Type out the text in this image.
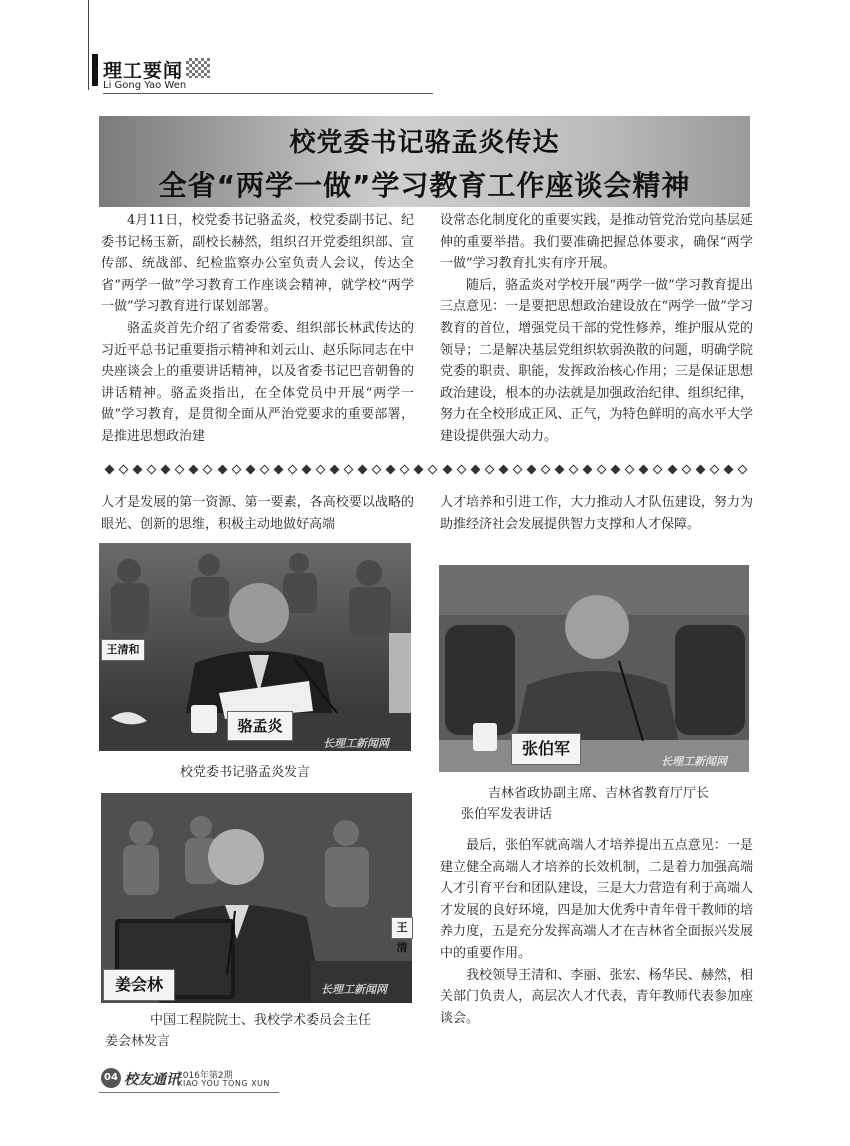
理工要闻
Li Gong Yao Wen
校党委书记骆孟炎传达
全省“两学一做”学习教育工作座谈会精神

4月11日，校党委书记骆孟炎，校党委副书记、纪委书记杨玉新，副校长赫然，组织召开党委组织部、宣传部、统战部、纪检监察办公室负责人会议，传达全省“两学一做”学习教育工作座谈会精神，就学校“两学一做”学习教育进行谋划部署。

骆孟炎首先介绍了省委常委、组织部长林武传达的习近平总书记重要指示精神和刘云山、赵乐际同志在中央座谈会上的重要讲话精神，以及省委书记巴音朝鲁的讲话精神。骆孟炎指出，在全体党员中开展“两学一做”学习教育，是贯彻全面从严治党要求的重要部署，是推进思想政治建

设常态化制度化的重要实践，是推动管党治党向基层延伸的重要举措。我们要准确把握总体要求，确保“两学一做”学习教育扎实有序开展。

随后，骆孟炎对学校开展“两学一做”学习教育提出三点意见：一是要把思想政治建设放在“两学一做”学习教育的首位，增强党员干部的党性修养，维护服从党的领导；二是解决基层党组织软弱涣散的问题，明确学院党委的职责、职能，发挥政治核心作用；三是保证思想政治建设，根本的办法就是加强政治纪律、组织纪律，努力在全校形成正风、正气，为特色鲜明的高水平大学建设提供强大动力。

人才是发展的第一资源、第一要素，各高校要以战略的眼光、创新的思维，积极主动地做好高端

人才培养和引进工作，大力推动人才队伍建设，努力为助推经济社会发展提供智力支撑和人才保障。

王清和
骆孟炎
长理工新闻网
校党委书记骆孟炎发言
张伯军
长理工新闻网
吉林省政协副主席、吉林省教育厅厅长
张伯军发表讲话

最后，张伯军就高端人才培养提出五点意见：一是建立健全高端人才培养的长效机制，二是着力加强高端人才引育平台和团队建设，三是大力营造有利于高端人才发展的良好环境，四是加大优秀中青年骨干教师的培养力度，五是充分发挥高端人才在吉林省全面振兴发展中的重要作用。

我校领导王清和、李丽、张宏、杨华民、赫然，相关部门负责人，高层次人才代表，青年教师代表参加座谈会。

姜会林
王清
长理工新闻网
中国工程院院士、我校学术委员会主任
姜会林发言
04 校友通讯
2016年第2期
XIAO YOU TONG XUN
